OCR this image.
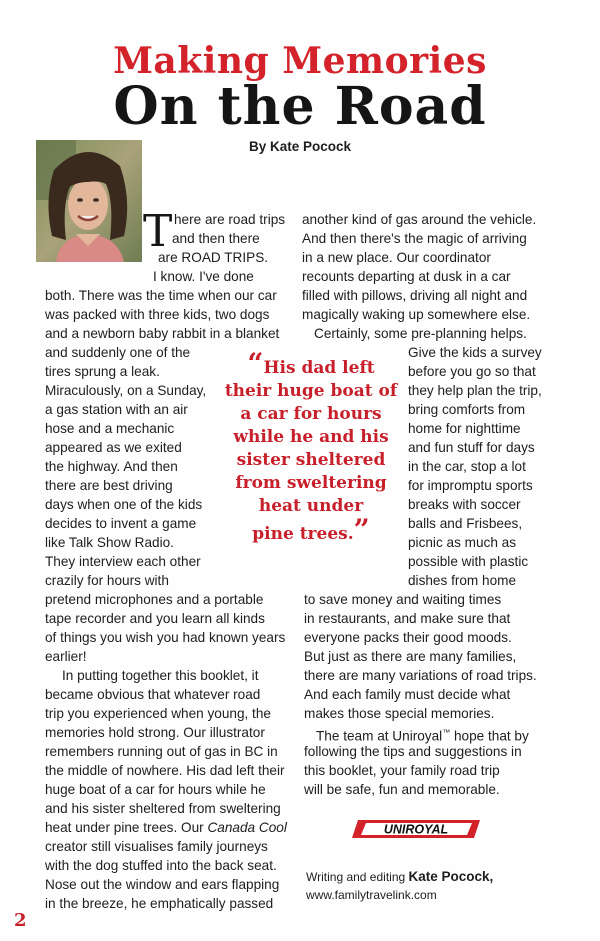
Making Memories
On the Road
By Kate Pocock
T here are road trips
and then there
are ROAD TRIPS.
I know. I've done
both. There was the time when our car
was packed with three kids, two dogs
and a newborn baby rabbit in a blanket
and suddenly one of the
tires sprung a leak.
Miraculously, on a Sunday,
a gas station with an air
hose and a mechanic
appeared as we exited
the highway. And then
there are best driving
days when one of the kids
decides to invent a game
like Talk Show Radio.
They interview each other
crazily for hours with
pretend microphones and a portable
tape recorder and you learn all kinds
of things you wish you had known years
earlier!
In putting together this booklet, it
became obvious that whatever road
trip you experienced when young, the
memories hold strong. Our illustrator
remembers running out of gas in BC in
the middle of nowhere. His dad left their
huge boat of a car for hours while he
and his sister sheltered from sweltering
heat under pine trees. Our Canada Cool
creator still visualises family journeys
with the dog stuffed into the back seat.
Nose out the window and ears flapping
in the breeze, he emphatically passed
another kind of gas around the vehicle.
And then there's the magic of arriving
in a new place. Our coordinator
recounts departing at dusk in a car
filled with pillows, driving all night and
magically waking up somewhere else.
Certainly, some pre-planning helps.
Give the kids a survey
before you go so that
they help plan the trip,
bring comforts from
home for nighttime
and fun stuff for days
in the car, stop a lot
for impromptu sports
breaks with soccer
balls and Frisbees,
picnic as much as
possible with plastic
dishes from home
to save money and waiting times
in restaurants, and make sure that
everyone packs their good moods.
But just as there are many families,
there are many variations of road trips.
And each family must decide what
makes those special memories.
The team at Uniroyal™ hope that by
following the tips and suggestions in
this booklet, your family road trip
will be safe, fun and memorable.
“His dad left
their huge boat of
a car for hours
while he and his
sister sheltered
from sweltering
heat under
pine trees.”
UNIROYAL
Writing and editing Kate Pocock,
www.familytravelink.com
2
